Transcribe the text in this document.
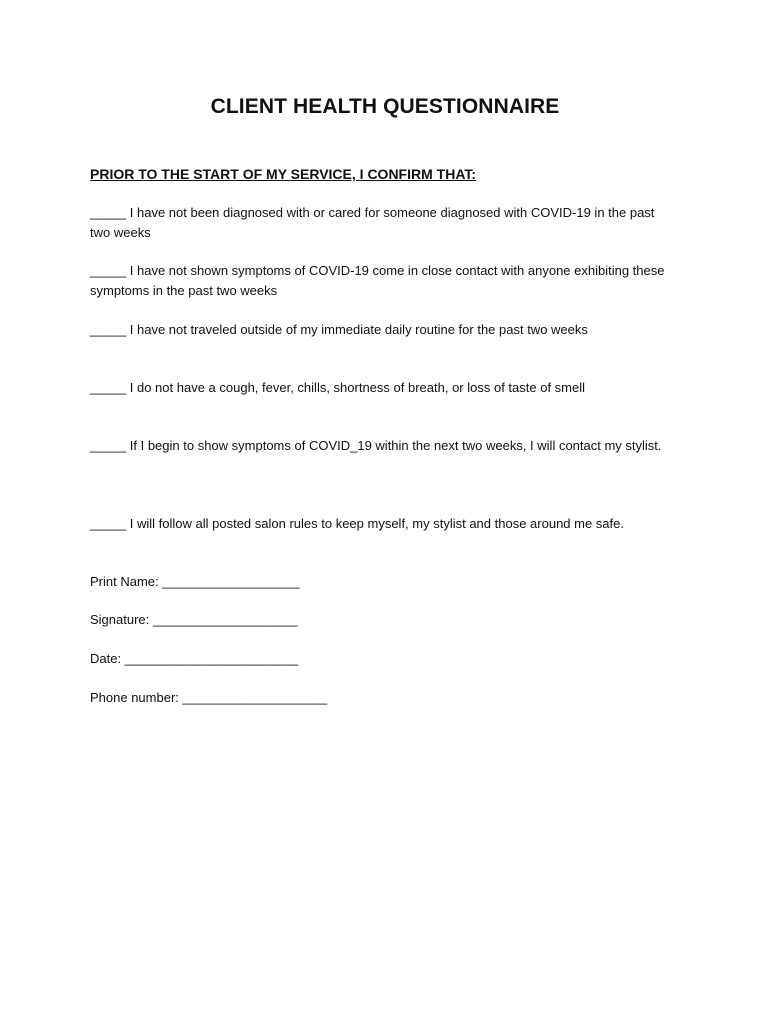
CLIENT HEALTH QUESTIONNAIRE
PRIOR TO THE START OF MY SERVICE, I CONFIRM THAT:
_____ I have not been diagnosed with or cared for someone diagnosed with COVID-19 in the past two weeks
_____ I have not shown symptoms of COVID-19 come in close contact with anyone exhibiting these symptoms in the past two weeks
_____ I have not traveled outside of my immediate daily routine for the past two weeks
_____ I do not have a cough, fever, chills, shortness of breath, or loss of taste of smell
_____ If I begin to show symptoms of COVID_19 within the next two weeks, I will contact my stylist.
_____ I will follow all posted salon rules to keep myself, my stylist and those around me safe.
Print Name: ___________________
Signature: ____________________
Date: ________________________
Phone number: ____________________
